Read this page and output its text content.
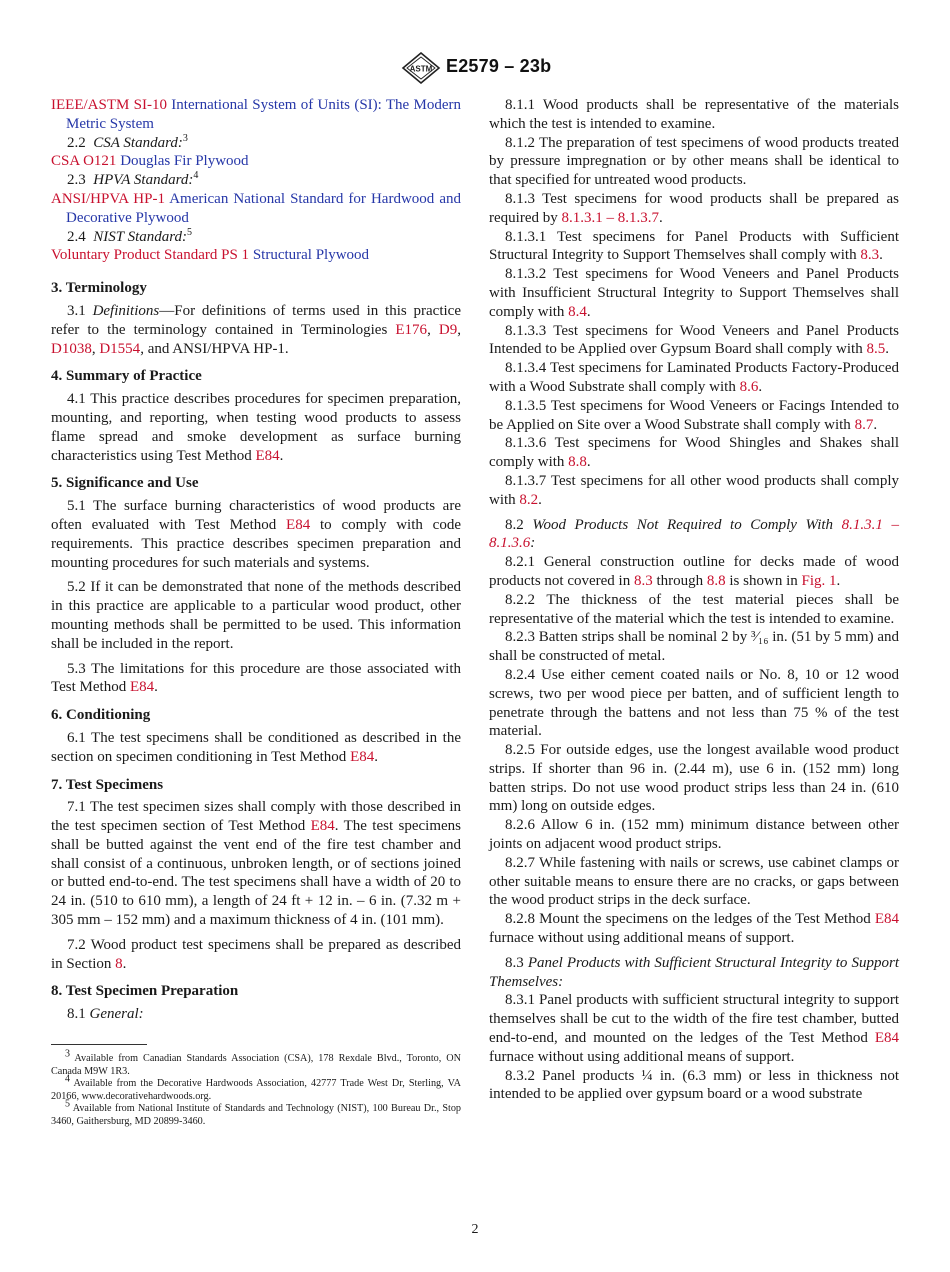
ASTM E2579 – 23b

IEEE/ASTM SI-10 International System of Units (SI): The Modern Metric System

2.2 CSA Standard:$^3$

CSA O121 Douglas Fir Plywood

2.3 HPVA Standard:$^4$

ANSI/HPVA HP-1 American National Standard for Hardwood and Decorative Plywood

2.4 NIST Standard:$^5$

Voluntary Product Standard PS 1 Structural Plywood

3. Terminology

3.1 Definitions—For definitions of terms used in this practice refer to the terminology contained in Terminologies E176, D9, D1038, D1554, and ANSI/HPVA HP-1.

4. Summary of Practice

4.1 This practice describes procedures for specimen preparation, mounting, and reporting, when testing wood products to assess flame spread and smoke development as surface burning characteristics using Test Method E84.

5. Significance and Use

5.1 The surface burning characteristics of wood products are often evaluated with Test Method E84 to comply with code requirements. This practice describes specimen preparation and mounting procedures for such materials and systems.

5.2 If it can be demonstrated that none of the methods described in this practice are applicable to a particular wood product, other mounting methods shall be permitted to be used. This information shall be included in the report.

5.3 The limitations for this procedure are those associated with Test Method E84.

6. Conditioning

6.1 The test specimens shall be conditioned as described in the section on specimen conditioning in Test Method E84.

7. Test Specimens

7.1 The test specimen sizes shall comply with those described in the test specimen section of Test Method E84. The test specimens shall be butted against the vent end of the fire test chamber and shall consist of a continuous, unbroken length, or of sections joined or butted end-to-end. The test specimens shall have a width of 20 to 24 in. (510 to 610 mm), a length of 24 ft + 12 in. – 6 in. (7.32 m + 305 mm – 152 mm) and a maximum thickness of 4 in. (101 mm).

7.2 Wood product test specimens shall be prepared as described in Section 8.

8. Test Specimen Preparation

8.1 General:

$^3$ Available from Canadian Standards Association (CSA), 178 Rexdale Blvd., Toronto, ON Canada M9W 1R3.

$^4$ Available from the Decorative Hardwoods Association, 42777 Trade West Dr, Sterling, VA 20166, www.decorativehardwoods.org.

$^5$ Available from National Institute of Standards and Technology (NIST), 100 Bureau Dr., Stop 3460, Gaithersburg, MD 20899-3460.

8.1.1 Wood products shall be representative of the materials which the test is intended to examine.

8.1.2 The preparation of test specimens of wood products treated by pressure impregnation or by other means shall be identical to that specified for untreated wood products.

8.1.3 Test specimens for wood products shall be prepared as required by 8.1.3.1 – 8.1.3.7.

8.1.3.1 Test specimens for Panel Products with Sufficient Structural Integrity to Support Themselves shall comply with 8.3.

8.1.3.2 Test specimens for Wood Veneers and Panel Products with Insufficient Structural Integrity to Support Themselves shall comply with 8.4.

8.1.3.3 Test specimens for Wood Veneers and Panel Products Intended to be Applied over Gypsum Board shall comply with 8.5.

8.1.3.4 Test specimens for Laminated Products Factory-Produced with a Wood Substrate shall comply with 8.6.

8.1.3.5 Test specimens for Wood Veneers or Facings Intended to be Applied on Site over a Wood Substrate shall comply with 8.7.

8.1.3.6 Test specimens for Wood Shingles and Shakes shall comply with 8.8.

8.1.3.7 Test specimens for all other wood products shall comply with 8.2.

8.2 Wood Products Not Required to Comply With 8.1.3.1 – 8.1.3.6:

8.2.1 General construction outline for decks made of wood products not covered in 8.3 through 8.8 is shown in Fig. 1.

8.2.2 The thickness of the test material pieces shall be representative of the material which the test is intended to examine.

8.2.3 Batten strips shall be nominal 2 by ³⁄₁₆ in. (51 by 5 mm) and shall be constructed of metal.

8.2.4 Use either cement coated nails or No. 8, 10 or 12 wood screws, two per wood piece per batten, and of sufficient length to penetrate through the battens and not less than 75 % of the test material.

8.2.5 For outside edges, use the longest available wood product strips. If shorter than 96 in. (2.44 m), use 6 in. (152 mm) long batten strips. Do not use wood product strips less than 24 in. (610 mm) long on outside edges.

8.2.6 Allow 6 in. (152 mm) minimum distance between other joints on adjacent wood product strips.

8.2.7 While fastening with nails or screws, use cabinet clamps or other suitable means to ensure there are no cracks, or gaps between the wood product strips in the deck surface.

8.2.8 Mount the specimens on the ledges of the Test Method E84 furnace without using additional means of support.

8.3 Panel Products with Sufficient Structural Integrity to Support Themselves:

8.3.1 Panel products with sufficient structural integrity to support themselves shall be cut to the width of the fire test chamber, butted end-to-end, and mounted on the ledges of the Test Method E84 furnace without using additional means of support.

8.3.2 Panel products ¼ in. (6.3 mm) or less in thickness not intended to be applied over gypsum board or a wood substrate

2
